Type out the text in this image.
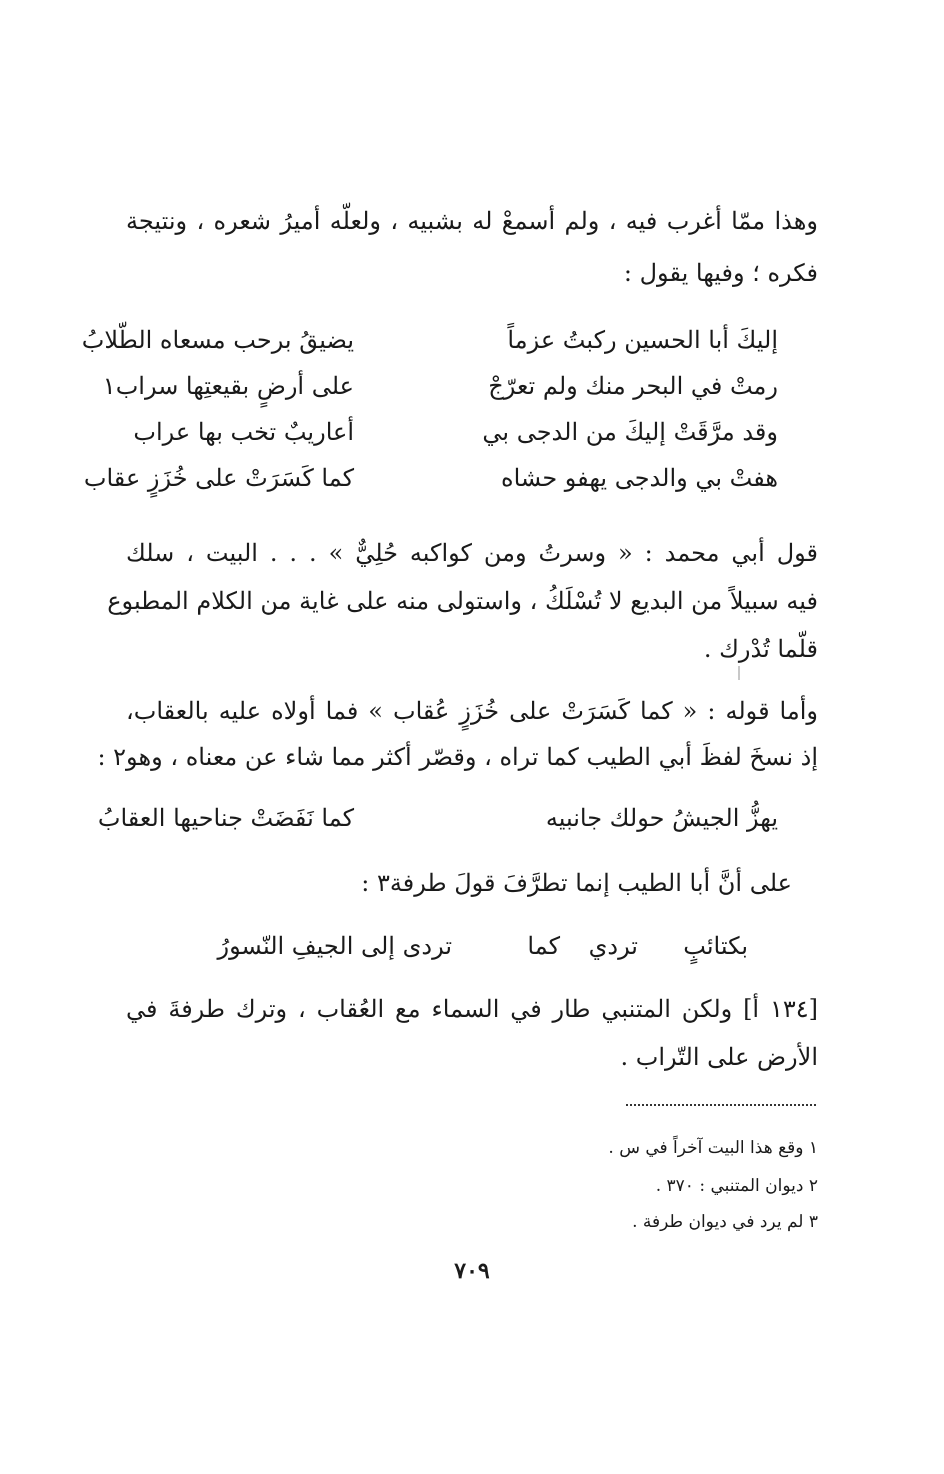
وهذا ممّا أغرب فيه ، ولم أسمعْ له بشبيه ، ولعلّه أميرُ شعره ، ونتيجة
فكره ؛ وفيها يقول :
إليكَ أبا الحسين ركبتُ عزماً
يضيقُ برحب مسعاه الطّلابُ
رمتْ في البحر منك ولم تعرّجْ
على أرضٍ بقيعتِها سراب١
وقد مرَّقَتْ إليكَ من الدجى بي
أعاريبٌ تخب بها عراب
هفتْ بي والدجى يهفو حشاه
كما كَسَرَتْ على خُزَزٍ عقاب
قول أبي محمد : « وسرتُ ومن كواكبه حُلِيٌّ » . . . البيت ، سلك
فيه سبيلاً من البديع لا تُسْلَكُ ، واستولى منه على غاية من الكلام المطبوع
قلّما تُدْرك .
وأما قوله : « كما كَسَرَتْ على خُزَزٍ عُقاب » فما أولاه عليه بالعقاب،
إذ نسخَ لفظَ أبي الطيب كما تراه ، وقصّر أكثر مما شاء عن معناه ، وهو٢ :
يهزُّ الجيشُ حولك جانبيه
كما نَفَضَتْ جناحيها العقابُ
على أنَّ أبا الطيب إنما تطرَّفَ قولَ طرفة٣ :
بكتائبٍ
تردي
كما
تردى إلى الجيفِ النّسورُ
[١٣٤ أ] ولكن المتنبي طار في السماء مع العُقاب ، وترك طرفةَ في
الأرض على التّراب .
١ وقع هذا البيت آخراً في س .
٢ ديوان المتنبي : ٣٧٠ .
٣ لم يرد في ديوان طرفة .
٧٠٩
